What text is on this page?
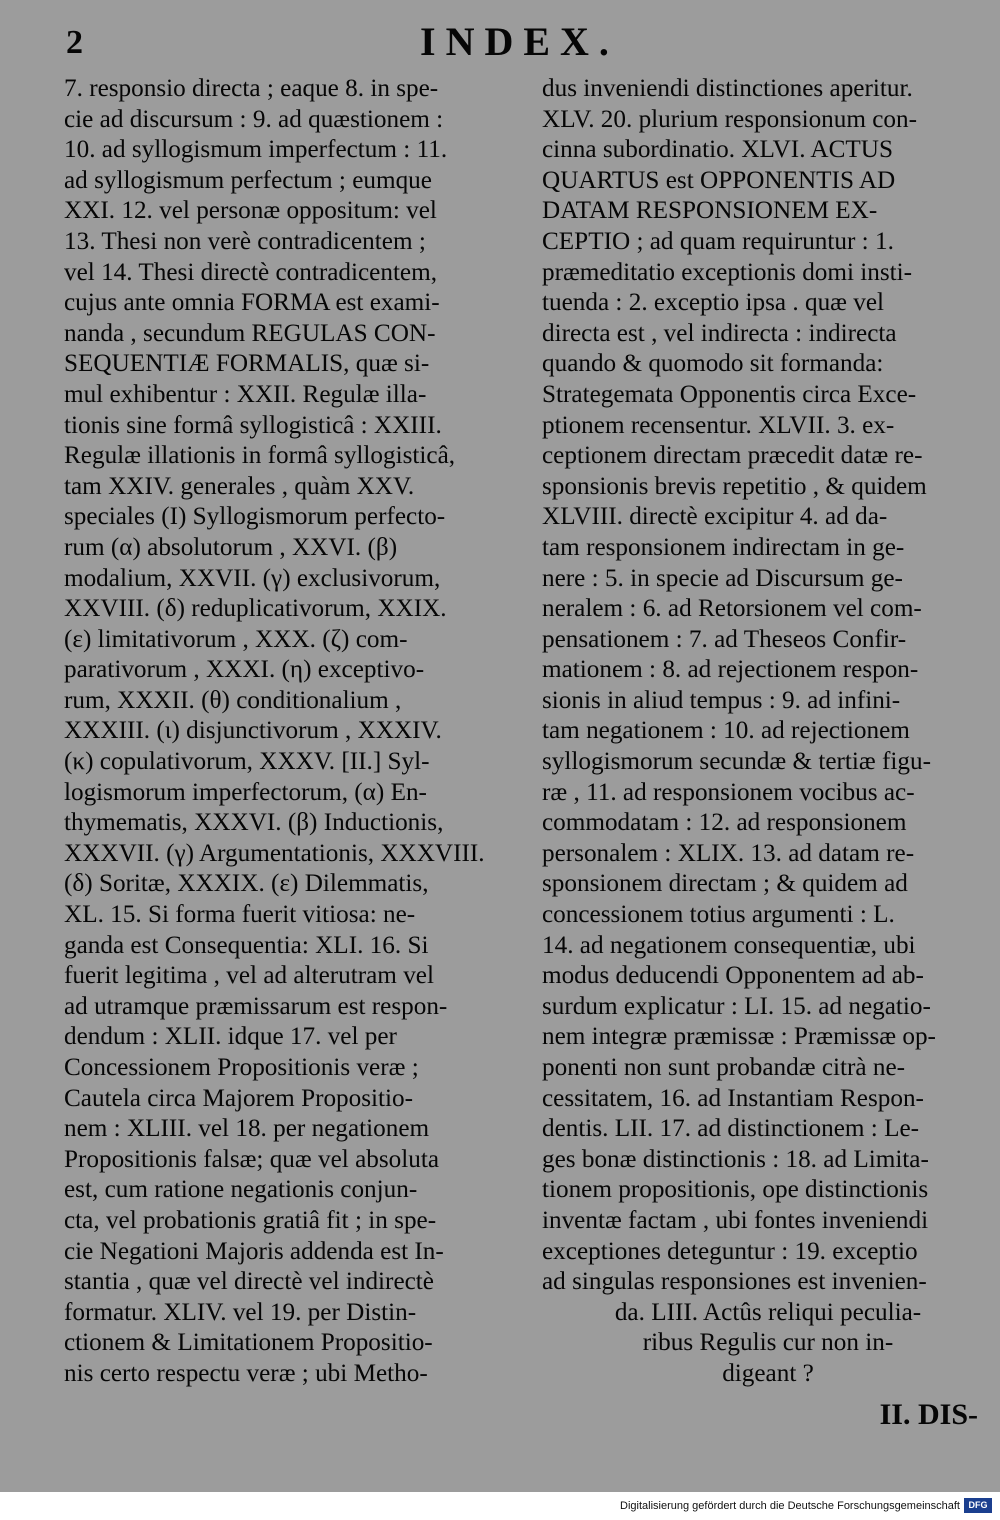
2	INDEX.
7. responsio directa ; eaque 8. in spe-
cie ad discursum : 9. ad quæstionem :
10. ad syllogismum imperfectum : 11.
ad syllogismum perfectum ; eumque
XXI. 12. vel personæ oppositum: vel
13. Thesi non verè contradicentem ;
vel 14. Thesi directè contradicentem,
cujus ante omnia FORMA est exami-
nanda , secundum REGULAS CON-
SEQUENTIÆ FORMALIS, quæ si-
mul exhibentur : XXII. Regulæ illa-
tionis sine formâ syllogisticâ : XXIII.
Regulæ illationis in formâ syllogisticâ,
tam XXIV. generales , quàm XXV.
speciales (I) Syllogismorum perfecto-
rum (α) absolutorum , XXVI. (β)
modalium, XXVII. (γ) exclusivorum,
XXVIII. (δ) reduplicativorum, XXIX.
(ε) limitativorum , XXX. (ζ) com-
parativorum , XXXI. (η) exceptivo-
rum, XXXII. (θ) conditionalium ,
XXXIII. (ι) disjunctivorum , XXXIV.
(κ) copulativorum, XXXV. [II.] Syl-
logismorum imperfectorum, (α) En-
thymematis, XXXVI. (β) Inductionis,
XXXVII. (γ) Argumentationis, XXXVIII.
(δ) Soritæ, XXXIX. (ε) Dilemmatis,
XL. 15. Si forma fuerit vitiosa: ne-
ganda est Consequentia: XLI. 16. Si
fuerit legitima , vel ad alterutram vel
ad utramque præmissarum est respon-
dendum : XLII. idque 17. vel per
Concessionem Propositionis veræ ;
Cautela circa Majorem Propositio-
nem : XLIII. vel 18. per negationem
Propositionis falsæ; quæ vel absoluta
est, cum ratione negationis conjun-
cta, vel probationis gratiâ fit ; in spe-
cie Negationi Majoris addenda est In-
stantia , quæ vel directè vel indirectè
formatur. XLIV. vel 19. per Distin-
ctionem & Limitationem Propositio-
nis certo respectu veræ ; ubi Metho-
dus inveniendi distinctiones aperitur.
XLV. 20. plurium responsionum con-
cinna subordinatio. XLVI. ACTUS
QUARTUS est OPPONENTIS AD
DATAM RESPONSIONEM EX-
CEPTIO ; ad quam requiruntur : 1.
præmeditatio exceptionis domi insti-
tuenda : 2. exceptio ipsa . quæ vel
directa est , vel indirecta : indirecta
quando & quomodo sit formanda:
Strategemata Opponentis circa Exce-
ptionem recensentur. XLVII. 3. ex-
ceptionem directam præcedit datæ re-
sponsionis brevis repetitio , & quidem
XLVIII. directè excipitur 4. ad da-
tam responsionem indirectam in ge-
nere : 5. in specie ad Discursum ge-
neralem : 6. ad Retorsionem vel com-
pensationem : 7. ad Theseos Confir-
mationem : 8. ad rejectionem respon-
sionis in aliud tempus : 9. ad infini-
tam negationem : 10. ad rejectionem
syllogismorum secundæ & tertiæ figu-
ræ , 11. ad responsionem vocibus ac-
commodatam : 12. ad responsionem
personalem : XLIX. 13. ad datam re-
sponsionem directam ; & quidem ad
concessionem totius argumenti : L.
14. ad negationem consequentiæ, ubi
modus deducendi Opponentem ad ab-
surdum explicatur : LI. 15. ad negatio-
nem integræ præmissæ : Præmissæ op-
ponenti non sunt probandæ citrà ne-
cessitatem, 16. ad Instantiam Respon-
dentis. LII. 17. ad distinctionem : Le-
ges bonæ distinctionis : 18. ad Limita-
tionem propositionis, ope distinctionis
inventæ factam , ubi fontes inveniendi
exceptiones deteguntur : 19. exceptio
ad singulas responsiones est invenien-
da. LIII. Actûs reliqui peculia-
ribus Regulis cur non in-
digeant ?
II. DIS-
Digitalisierung gefördert durch die Deutsche Forschungsgemeinschaft DFG
